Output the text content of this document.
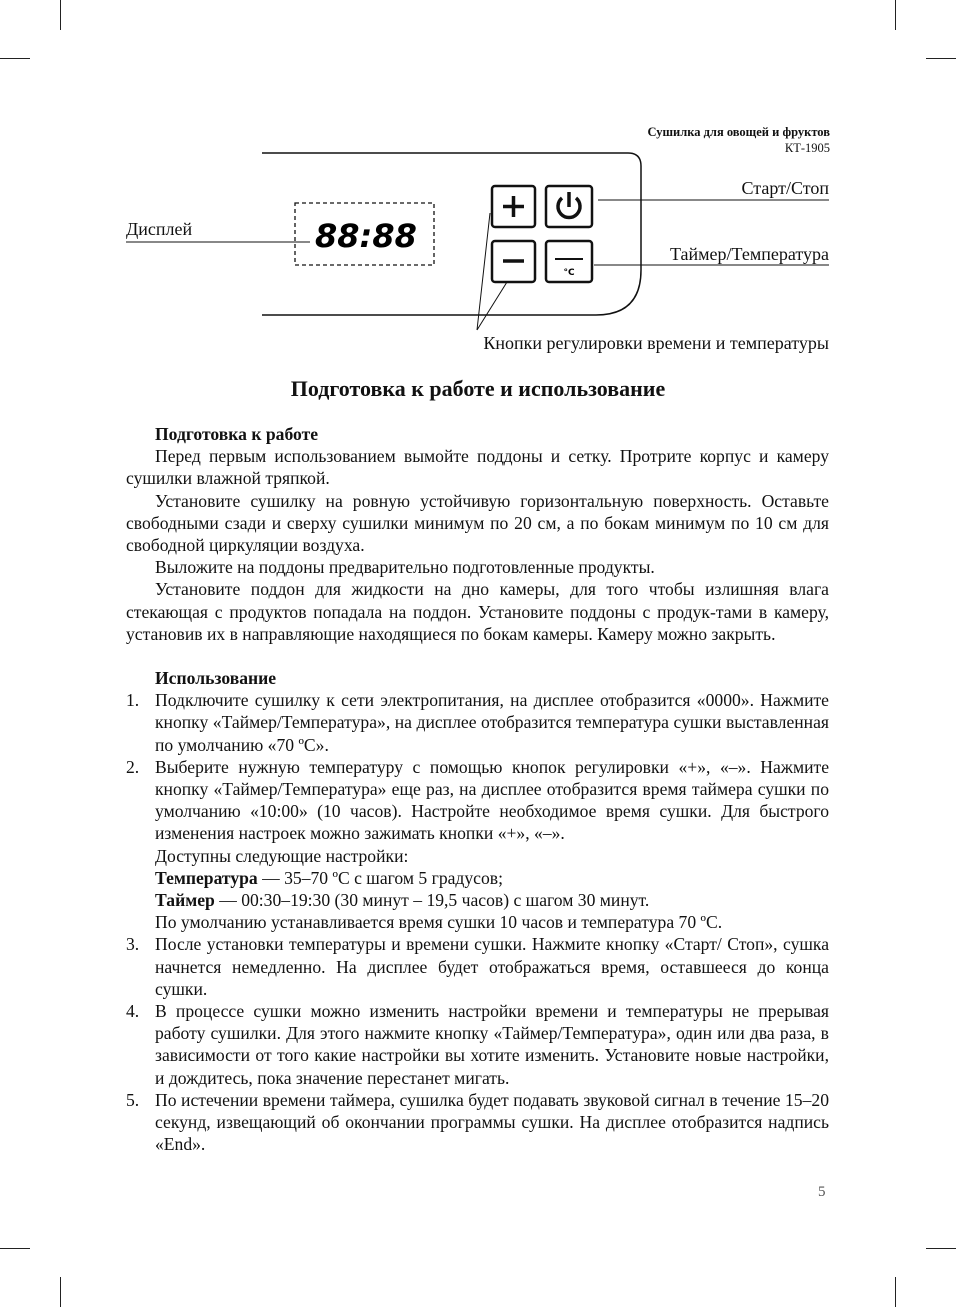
Сушилка для овощей и фруктов
КТ-1905
88:88
°C
Дисплей
Старт/Стоп
Таймер/Температура
Кнопки регулировки времени и температуры
Подготовка к работе и использование
Подготовка к работе

Перед первым использованием вымойте поддоны и сетку. Протрите корпус и камеру сушилки влажной тряпкой.

Установите сушилку на ровную устойчивую горизонтальную поверхность. Оставьте свободными сзади и сверху сушилки минимум по 20 см, а по бокам минимум по 10 см для свободной циркуляции воздуха.

Выложите на поддоны предварительно подготовленные продукты.

Установите поддон для жидкости на дно камеры, для того чтобы излишняя влага стекающая с продуктов попадала на поддон. Установите поддоны с продук-тами в камеру, установив их в направляющие находящиеся по бокам камеры. Камеру можно закрыть.

Использование
1. Подключите сушилку к сети электропитания, на дисплее отобразится «0000». Нажмите кнопку «Таймер/Температура», на дисплее отобразится температура сушки выставленная по умолчанию «70 ºС».

2. Выберите нужную температуру с помощью кнопок регулировки «+», «–». Нажмите кнопку «Таймер/Температура» еще раз, на дисплее отобразится время таймера сушки по умолчанию «10:00» (10 часов). Настройте необходимое время сушки. Для быстрого изменения настроек можно зажимать кнопки «+», «–».

Доступны следующие настройки:

Температура — 35–70 ºС с шагом 5 градусов;

Таймер — 00:30–19:30 (30 минут – 19,5 часов) с шагом 30 минут.

По умолчанию устанавливается время сушки 10 часов и температура 70 ºС.

3. После установки температуры и времени сушки. Нажмите кнопку «Старт/ Стоп», сушка начнется немедленно. На дисплее будет отображаться время, оставшееся до конца сушки.

4. В процессе сушки можно изменить настройки времени и температуры не прерывая работу сушилки. Для этого нажмите кнопку «Таймер/Температура», один или два раза, в зависимости от того какие настройки вы хотите изменить. Установите новые настройки, и дождитесь, пока значение перестанет мигать.

5. По истечении времени таймера, сушилка будет подавать звуковой сигнал в течение 15–20 секунд, извещающий об окончании программы сушки. На дисплее отобразится надпись «End».

5
